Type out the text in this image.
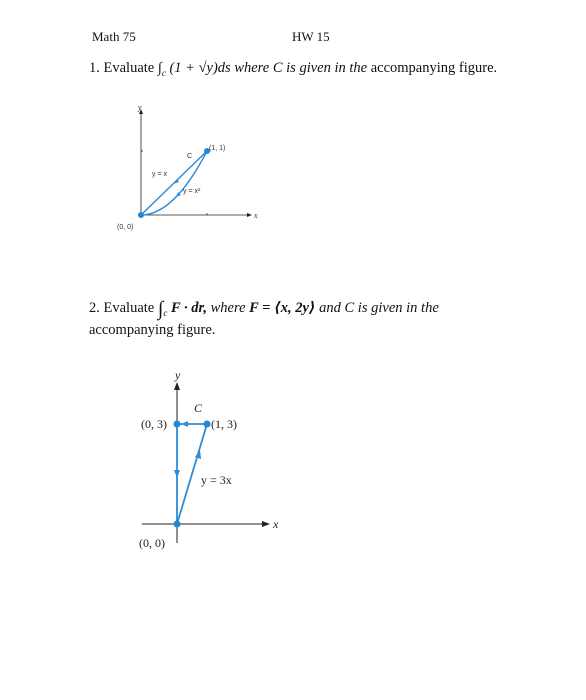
Math 75	HW 15
1. Evaluate $\int_c$ (1 + √y)ds where C is given in the accompanying figure.
y
x
(0, 0)
(1, 1)
C
y = x
y = x²
2. Evaluate $\int_c$ F · dr, where F = ⟨x, 2y⟩ and C is given in the
accompanying figure.
y
x
C
(0, 3)	(1, 3)
y = 3x
(0, 0)
